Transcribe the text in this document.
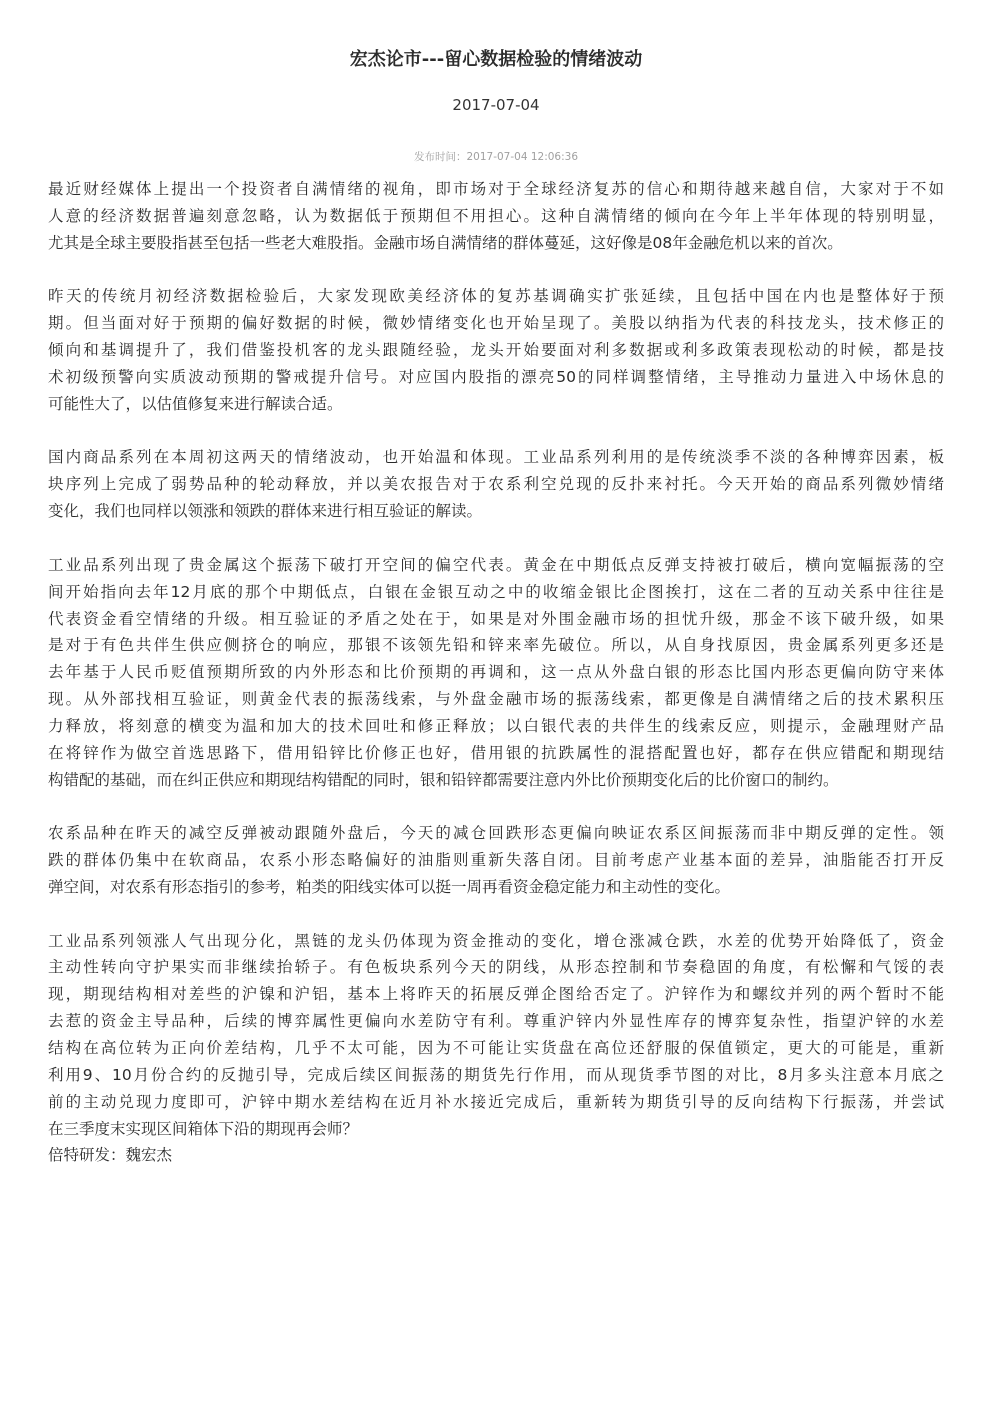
宏杰论市---留心数据检验的情绪波动
2017-07-04
发布时间：2017-07-04 12:06:36
最近财经媒体上提出一个投资者自满情绪的视角，即市场对于全球经济复苏的信心和期待越来越自信，大家对于不如
人意的经济数据普遍刻意忽略，认为数据低于预期但不用担心。这种自满情绪的倾向在今年上半年体现的特别明显，
尤其是全球主要股指甚至包括一些老大难股指。金融市场自满情绪的群体蔓延，这好像是08年金融危机以来的首次。
昨天的传统月初经济数据检验后，大家发现欧美经济体的复苏基调确实扩张延续，且包括中国在内也是整体好于预
期。但当面对好于预期的偏好数据的时候，微妙情绪变化也开始呈现了。美股以纳指为代表的科技龙头，技术修正的
倾向和基调提升了，我们借鉴投机客的龙头跟随经验，龙头开始要面对利多数据或利多政策表现松动的时候，都是技
术初级预警向实质波动预期的警戒提升信号。对应国内股指的漂亮50的同样调整情绪，主导推动力量进入中场休息的
可能性大了，以估值修复来进行解读合适。
国内商品系列在本周初这两天的情绪波动，也开始温和体现。工业品系列利用的是传统淡季不淡的各种博弈因素，板
块序列上完成了弱势品种的轮动释放，并以美农报告对于农系利空兑现的反扑来衬托。今天开始的商品系列微妙情绪
变化，我们也同样以领涨和领跌的群体来进行相互验证的解读。
工业品系列出现了贵金属这个振荡下破打开空间的偏空代表。黄金在中期低点反弹支持被打破后，横向宽幅振荡的空
间开始指向去年12月底的那个中期低点，白银在金银互动之中的收缩金银比企图挨打，这在二者的互动关系中往往是
代表资金看空情绪的升级。相互验证的矛盾之处在于，如果是对外围金融市场的担忧升级，那金不该下破升级，如果
是对于有色共伴生供应侧挤仓的响应，那银不该领先铅和锌来率先破位。所以，从自身找原因，贵金属系列更多还是
去年基于人民币贬值预期所致的内外形态和比价预期的再调和，这一点从外盘白银的形态比国内形态更偏向防守来体
现。从外部找相互验证，则黄金代表的振荡线索，与外盘金融市场的振荡线索，都更像是自满情绪之后的技术累积压
力释放，将刻意的横变为温和加大的技术回吐和修正释放；以白银代表的共伴生的线索反应，则提示，金融理财产品
在将锌作为做空首选思路下，借用铅锌比价修正也好，借用银的抗跌属性的混搭配置也好，都存在供应错配和期现结
构错配的基础，而在纠正供应和期现结构错配的同时，银和铅锌都需要注意内外比价预期变化后的比价窗口的制约。
农系品种在昨天的减空反弹被动跟随外盘后，今天的减仓回跌形态更偏向映证农系区间振荡而非中期反弹的定性。领
跌的群体仍集中在软商品，农系小形态略偏好的油脂则重新失落自闭。目前考虑产业基本面的差异，油脂能否打开反
弹空间，对农系有形态指引的参考，粕类的阳线实体可以挺一周再看资金稳定能力和主动性的变化。
工业品系列领涨人气出现分化，黑链的龙头仍体现为资金推动的变化，增仓涨减仓跌，水差的优势开始降低了，资金
主动性转向守护果实而非继续抬轿子。有色板块系列今天的阴线，从形态控制和节奏稳固的角度，有松懈和气馁的表
现，期现结构相对差些的沪镍和沪铝，基本上将昨天的拓展反弹企图给否定了。沪锌作为和螺纹并列的两个暂时不能
去惹的资金主导品种，后续的博弈属性更偏向水差防守有利。尊重沪锌内外显性库存的博弈复杂性，指望沪锌的水差
结构在高位转为正向价差结构，几乎不太可能，因为不可能让实货盘在高位还舒服的保值锁定，更大的可能是，重新
利用9、10月份合约的反抛引导，完成后续区间振荡的期货先行作用，而从现货季节图的对比，8月多头注意本月底之
前的主动兑现力度即可，沪锌中期水差结构在近月补水接近完成后，重新转为期货引导的反向结构下行振荡，并尝试
在三季度末实现区间箱体下沿的期现再会师？
倍特研发：魏宏杰
